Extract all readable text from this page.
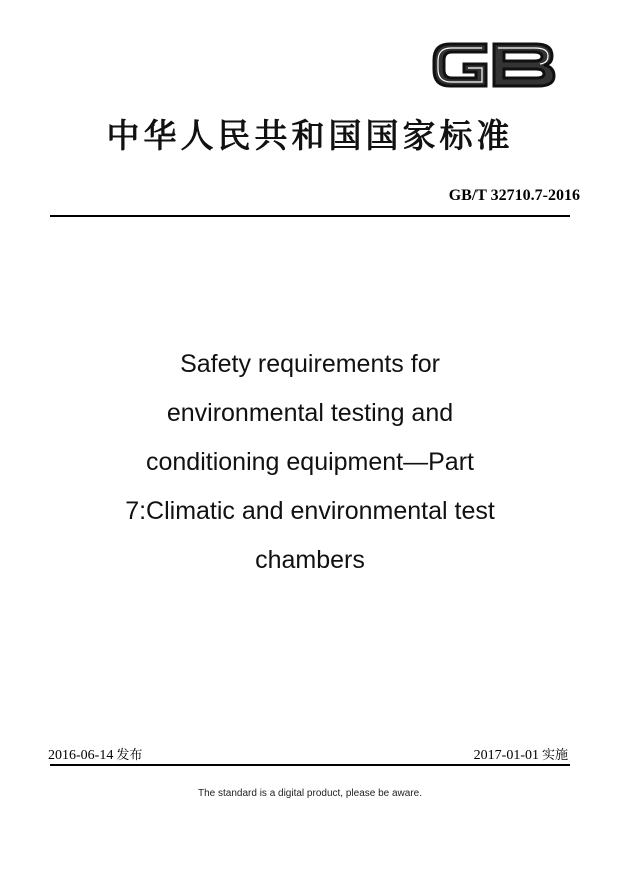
中华人民共和国国家标准
GB/T 32710.7-2016
Safety requirements for
environmental testing and
conditioning equipment—Part
7:Climatic and environmental test
chambers
2016-06-14 发布	2017-01-01 实施
The standard is a digital product, please be aware.
